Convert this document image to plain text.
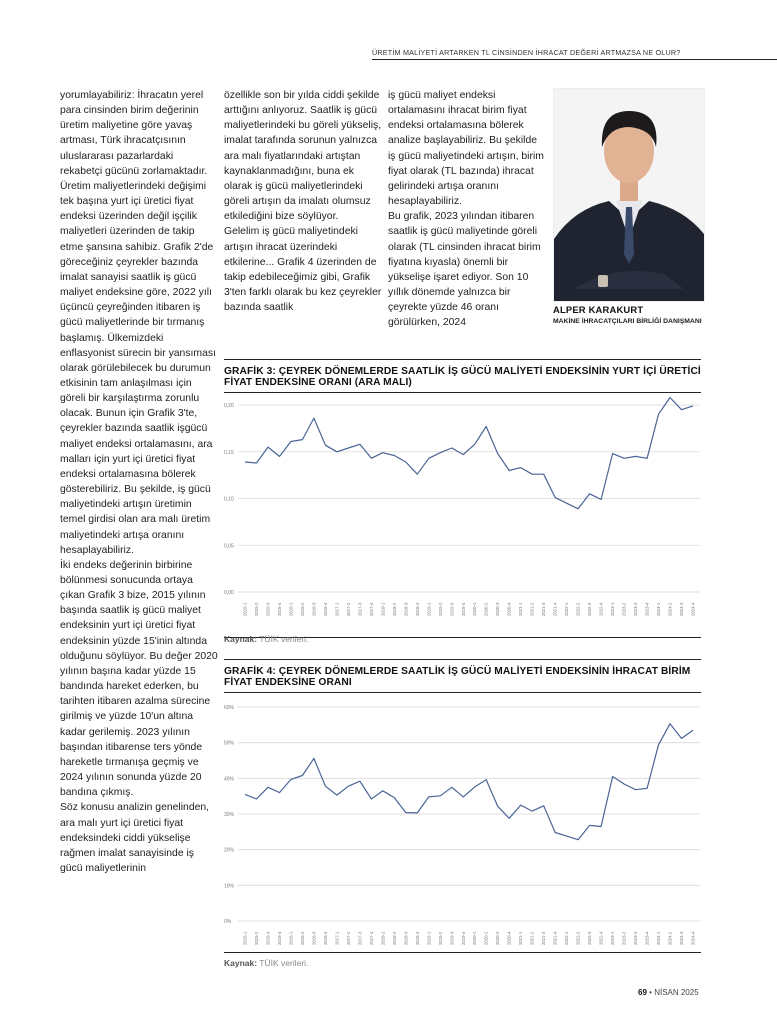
ÜRETİM MALİYETİ ARTARKEN TL CİNSİNDEN İHRACAT DEĞERİ ARTMAZSA NE OLUR?

yorumlayabiliriz: İhracatın yerel para cinsinden birim değerinin üretim maliyetine göre yavaş artması, Türk ihracatçısının uluslararası pazarlardaki rekabetçi gücünü zorlamaktadır.

Üretim maliyetlerindeki değişimi tek başına yurt içi üretici fiyat endeksi üzerinden değil işçilik maliyetleri üzerinden de takip etme şansına sahibiz. Grafik 2'de göreceğiniz çeyrekler bazında imalat sanayisi saatlik iş gücü maliyet endeksine göre, 2022 yılı üçüncü çeyreğinden itibaren iş gücü maliyetlerinde bir tırmanış başlamış. Ülkemizdeki enflasyonist sürecin bir yansıması olarak görülebilecek bu durumun etkisinin tam anlaşılması için göreli bir karşılaştırma zorunlu olacak. Bunun için Grafik 3'te, çeyrekler bazında saatlik işgücü maliyet endeksi ortalamasını, ara malları için yurt içi üretici fiyat endeksi ortalamasına bölerek gösterebiliriz. Bu şekilde, iş gücü maliyetindeki artışın üretimin temel girdisi olan ara malı üretim maliyetindeki artışa oranını hesaplayabiliriz.

İki endeks değerinin birbirine bölünmesi sonucunda ortaya çıkan Grafik 3 bize, 2015 yılının başında saatlik iş gücü maliyet endeksinin yurt içi üretici fiyat endeksinin yüzde 15'inin altında olduğunu söylüyor. Bu değer 2020 yılının başına kadar yüzde 15 bandında hareket ederken, bu tarihten itibaren azalma sürecine girilmiş ve yüzde 10'un altına kadar gerilemiş. 2023 yılının başından itibarense ters yönde hareketle tırmanışa geçmiş ve 2024 yılının sonunda yüzde 20 bandına çıkmış.

Söz konusu analizin genelinden, ara malı yurt içi üretici fiyat endeksindeki ciddi yükselişe rağmen imalat sanayisinde iş gücü maliyetlerinin

özellikle son bir yılda ciddi şekilde arttığını anlıyoruz. Saatlik iş gücü maliyetlerindeki bu göreli yükseliş, imalat tarafında sorunun yalnızca ara malı fiyatlarındaki artıştan kaynaklanmadığını, buna ek olarak iş gücü maliyetlerindeki göreli artışın da imalatı olumsuz etkilediğini bize söylüyor.

Gelelim iş gücü maliyetindeki artışın ihracat üzerindeki etkilerine... Grafik 4 üzerinden de takip edebileceğimiz gibi, Grafik 3'ten farklı olarak bu kez çeyrekler bazında saatlik

iş gücü maliyet endeksi ortalamasını ihracat birim fiyat endeksi ortalamasına bölerek analize başlayabiliriz. Bu şekilde iş gücü maliyetindeki artışın, birim fiyat olarak (TL bazında) ihracat gelirindeki artışa oranını hesaplayabiliriz.

Bu grafik, 2023 yılından itibaren saatlik iş gücü maliyetinde göreli olarak (TL cinsinden ihracat birim fiyatına kıyasla) önemli bir yükselişe işaret ediyor. Son 10 yıllık dönemde yalnızca bir çeyrekte yüzde 46 oranı görülürken, 2024

ALPER KARAKURT
MAKİNE İHRACATÇILARI BİRLİĞİ DANIŞMANI
GRAFİK 3: ÇEYREK DÖNEMLERDE SAATLİK İŞ GÜCÜ MALİYETİ ENDEKSİNİN YURT İÇİ ÜRETİCİ FİYAT ENDEKSİNE ORANI (ARA MALI)
0,00
0,05
0,10
0,15
0,20
2015-1 2025-2 2015-3 2015-4 2016-1 2016-2 2016-3 2016-4 2017-1 2017-2 2017-3 2017-4 2018-1 2018-2 2018-3 2018-4 2019-1 2019-2 2019-3 2019-4 2020-1 2020-2 2020-3 2020-4 2021-1 2021-2 2021-3 2021-4 2022-1 2022-2 2022-3 2022-4 2023-1 2023-2 2023-3 2023-4 2024-1 2024-2 2024-3 2024-4
Kaynak: TÜİK verileri.
GRAFİK 4: ÇEYREK DÖNEMLERDE SAATLİK İŞ GÜCÜ MALİYETİ ENDEKSİNİN İHRACAT BİRİM FİYAT ENDEKSİNE ORANI
0%
10%
20%
30%
40%
50%
60%
2015-1 2025-2 2015-3 2015-4 2016-1 2016-2 2016-3 2016-4 2017-1 2017-2 2017-3 2017-4 2018-1 2018-2 2018-3 2018-4 2019-1 2019-2 2019-3 2019-4 2020-1 2020-2 2020-3 2020-4 2021-1 2021-2 2021-3 2021-4 2022-1 2022-2 2022-3 2022-4 2023-1 2023-2 2023-3 2023-4 2024-1 2024-2 2024-3 2024-4
Kaynak: TÜİK verileri.
69 • NİSAN 2025
